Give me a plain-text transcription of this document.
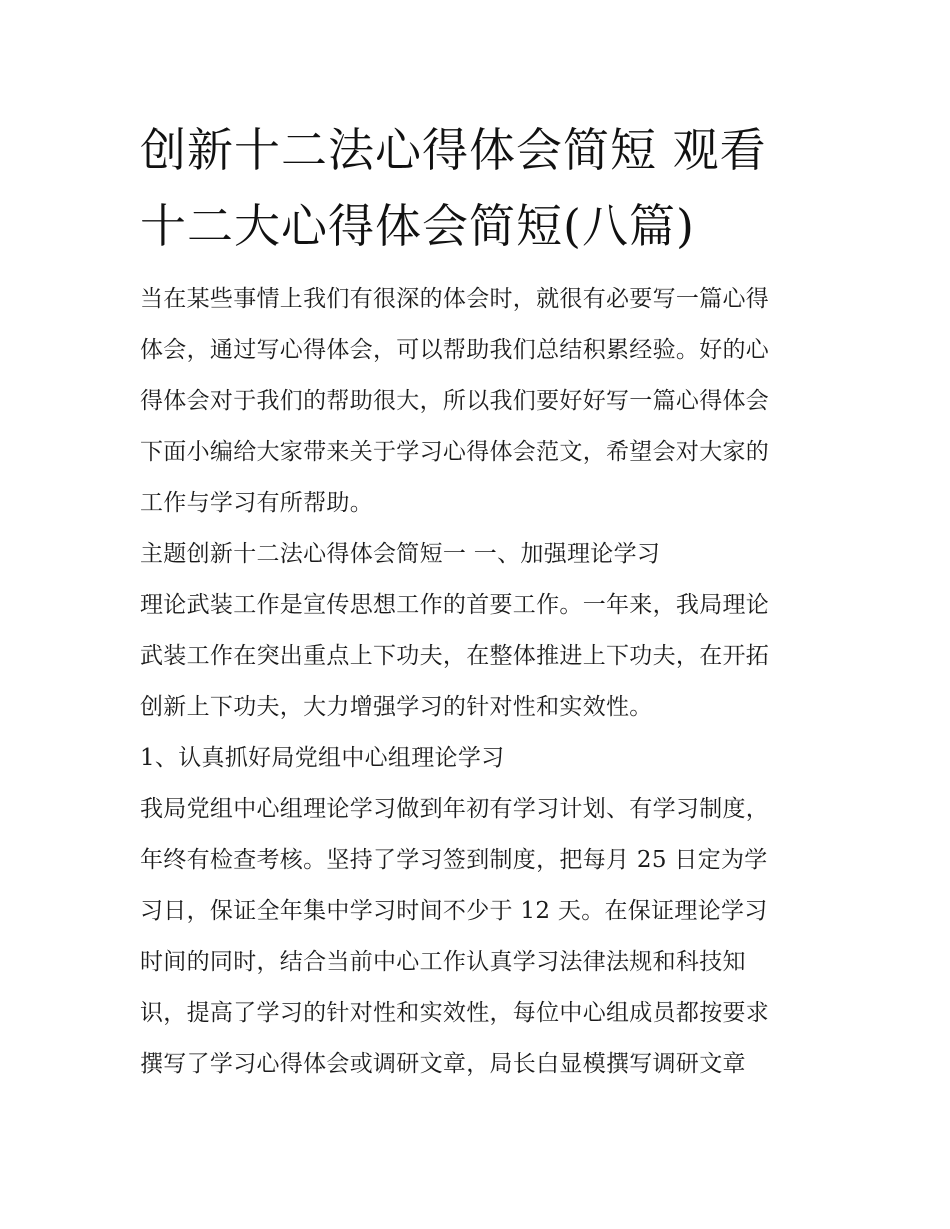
创新十二法心得体会简短 观看
十二大心得体会简短(八篇)
当在某些事情上我们有很深的体会时，就很有必要写一篇心得
体会，通过写心得体会，可以帮助我们总结积累经验。好的心
得体会对于我们的帮助很大，所以我们要好好写一篇心得体会
下面小编给大家带来关于学习心得体会范文，希望会对大家的
工作与学习有所帮助。
主题创新十二法心得体会简短一 一、加强理论学习
理论武装工作是宣传思想工作的首要工作。一年来，我局理论
武装工作在突出重点上下功夫，在整体推进上下功夫，在开拓
创新上下功夫，大力增强学习的针对性和实效性。
1、认真抓好局党组中心组理论学习
我局党组中心组理论学习做到年初有学习计划、有学习制度，
年终有检查考核。坚持了学习签到制度，把每月 25 日定为学
习日，保证全年集中学习时间不少于 12 天。在保证理论学习
时间的同时，结合当前中心工作认真学习法律法规和科技知
识，提高了学习的针对性和实效性，每位中心组成员都按要求
撰写了学习心得体会或调研文章，局长白显模撰写调研文章
